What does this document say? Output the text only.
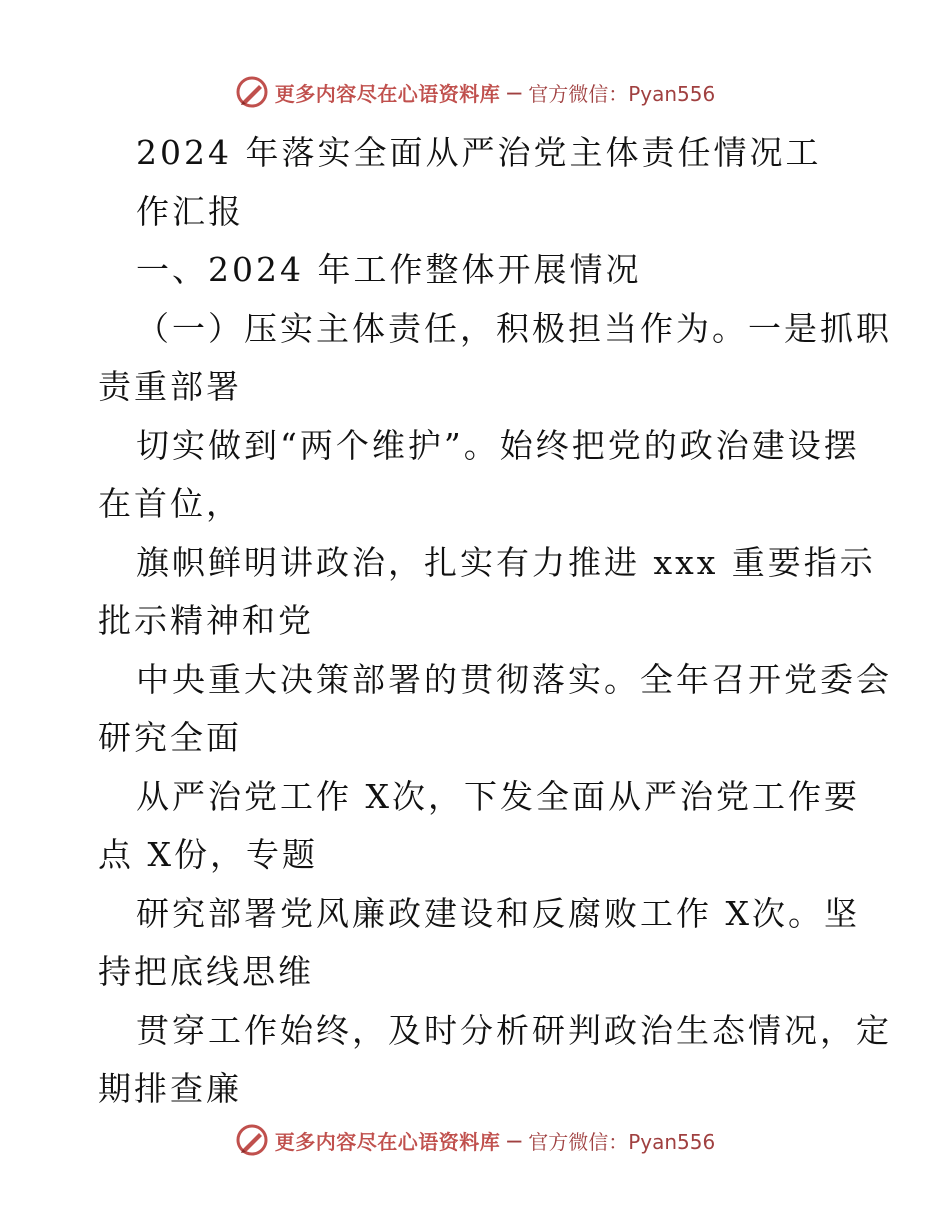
更多内容尽在心语资料库 — 官方微信：Pyan556
2024 年落实全面从严治党主体责任情况工
作汇报
一、2024 年工作整体开展情况
（一）压实主体责任，积极担当作为。一是抓职
责重部署
切实做到“两个维护”。始终把党的政治建设摆
在首位，
旗帜鲜明讲政治，扎实有力推进 xxx 重要指示
批示精神和党
中央重大决策部署的贯彻落实。全年召开党委会
研究全面
从严治党工作 X次，下发全面从严治党工作要
点 X份，专题
研究部署党风廉政建设和反腐败工作 X次。坚
持把底线思维
贯穿工作始终，及时分析研判政治生态情况，定
期排查廉
更多内容尽在心语资料库 — 官方微信：Pyan556
